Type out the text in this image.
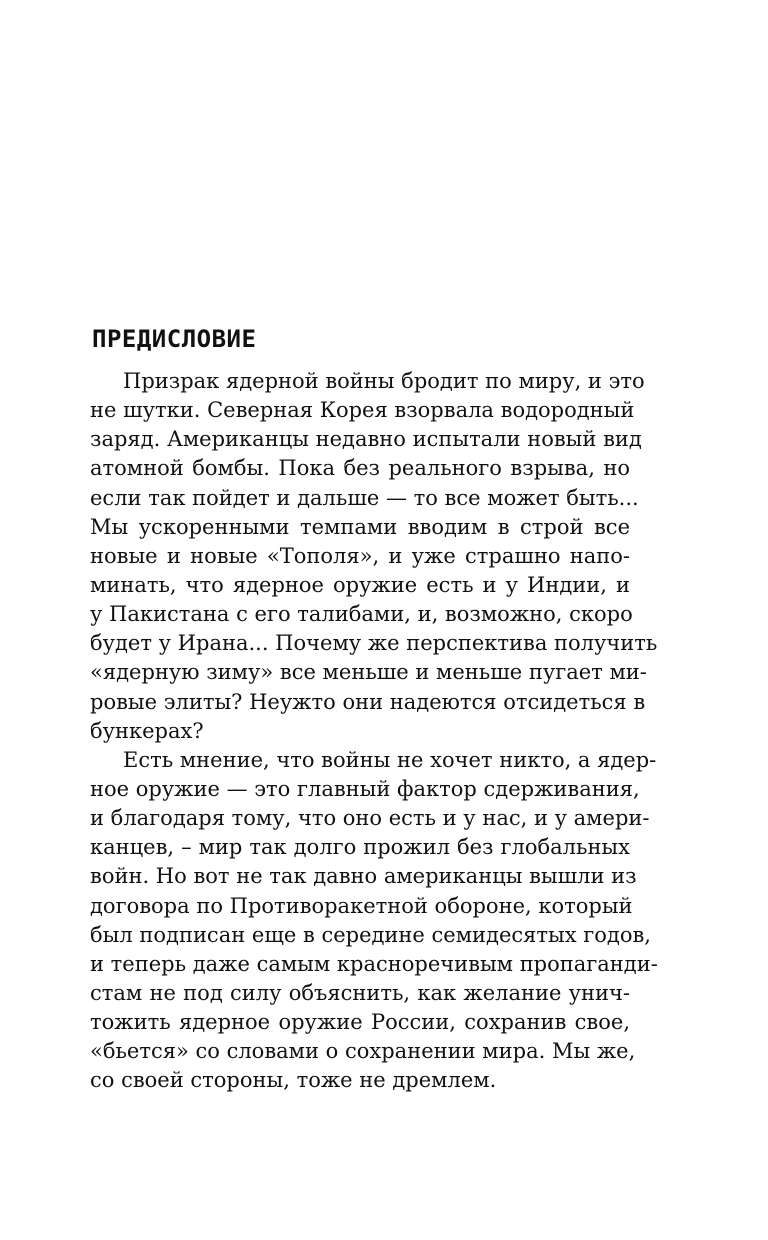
ПРЕДИСЛОВИЕ
Призрак ядерной войны бродит по миру, и это
не шутки. Северная Корея взорвала водородный
заряд. Американцы недавно испытали новый вид
атомной бомбы. Пока без реального взрыва, но
если так пойдет и дальше — то все может быть...
Мы ускоренными темпами вводим в строй все
новые и новые «Тополя», и уже страшно напо-
минать, что ядерное оружие есть и у Индии, и
у Пакистана с его талибами, и, возможно, скоро
будет у Ирана... Почему же перспектива получить
«ядерную зиму» все меньше и меньше пугает ми-
ровые элиты? Неужто они надеются отсидеться в
бункерах?
Есть мнение, что войны не хочет никто, а ядер-
ное оружие — это главный фактор сдерживания,
и благодаря тому, что оно есть и у нас, и у амери-
канцев, – мир так долго прожил без глобальных
войн. Но вот не так давно американцы вышли из
договора по Противоракетной обороне, который
был подписан еще в середине семидесятых годов,
и теперь даже самым красноречивым пропаганди-
стам не под силу объяснить, как желание унич-
тожить ядерное оружие России, сохранив свое,
«бьется» со словами о сохранении мира. Мы же,
со своей стороны, тоже не дремлем.
